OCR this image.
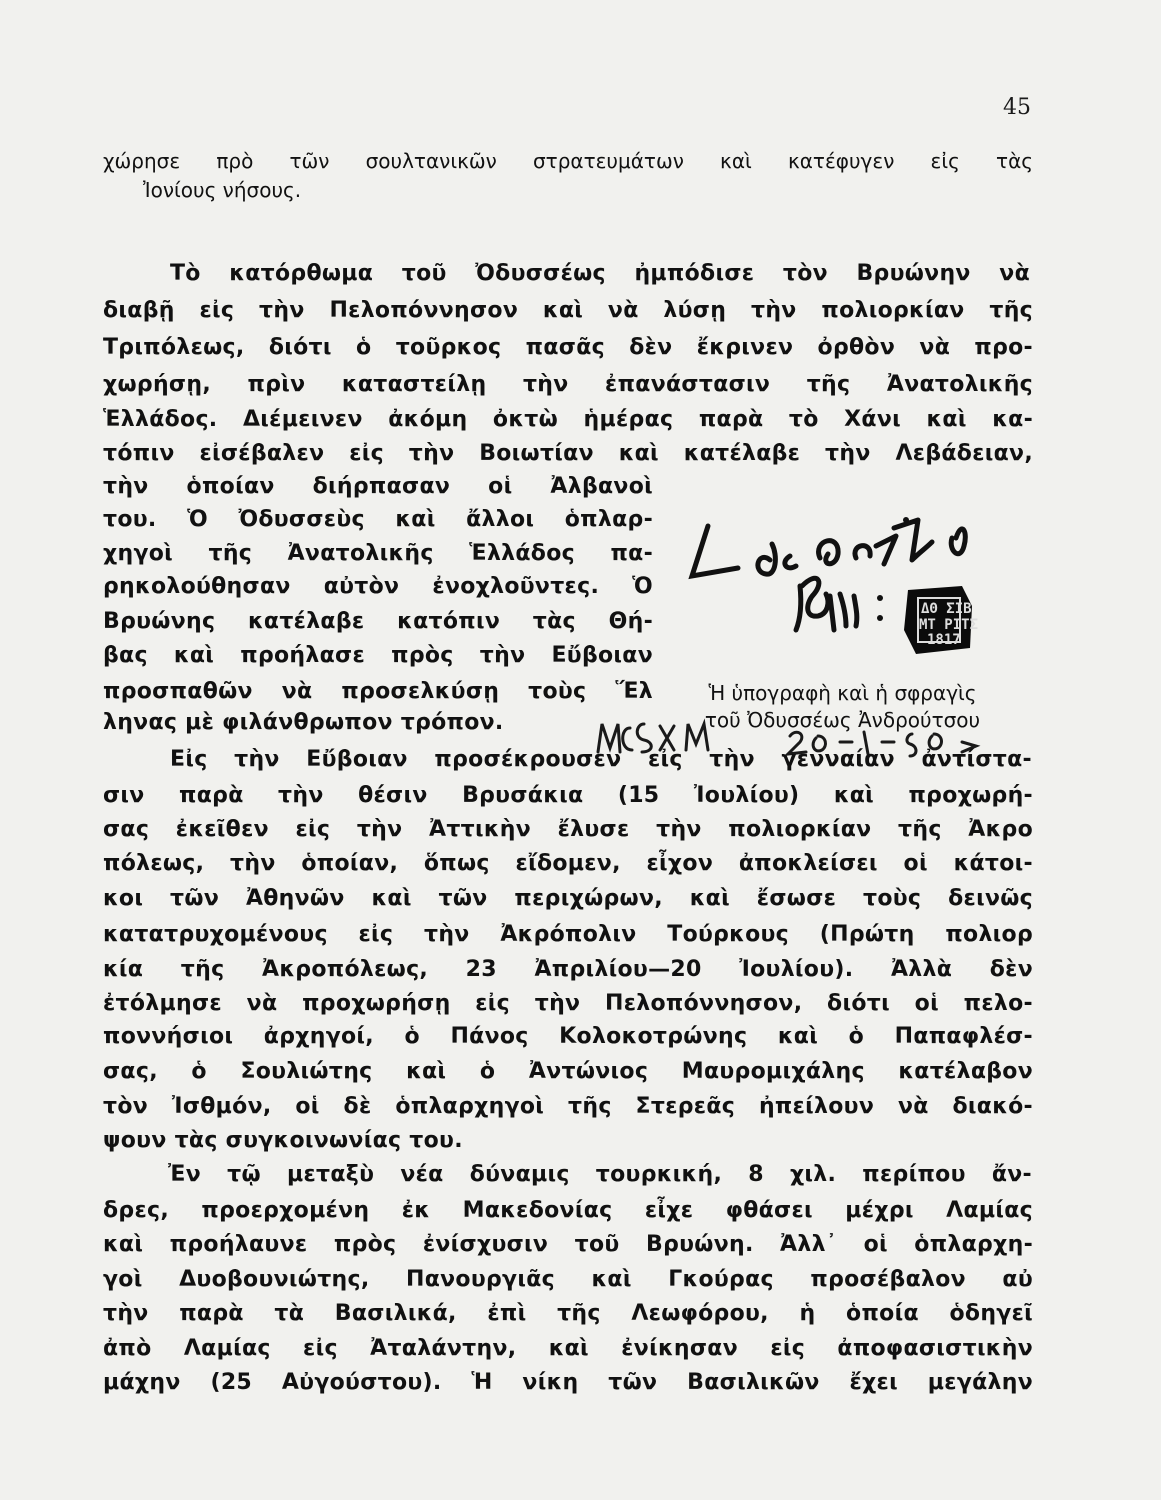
45
χώρησε πρὸ τῶν σουλτανικῶν στρατευμάτων καὶ κατέφυγεν εἰς τὰς
Ἰονίους νήσους.
Τὸ κατόρθωμα τοῦ Ὀδυσσέως ἠμπόδισε τὸν Βρυώνην νὰ
διαβῇ εἰς τὴν Πελοπόννησον καὶ νὰ λύσῃ τὴν πολιορκίαν τῆς
Τριπόλεως, διότι ὁ τοῦρκος πασᾶς δὲν ἔκρινεν ὀρθὸν νὰ προ-
χωρήσῃ, πρὶν καταστείλῃ τὴν ἐπανάστασιν τῆς Ἀνατολικῆς
Ἑλλάδος. Διέμεινεν ἀκόμη ὀκτὼ ἡμέρας παρὰ τὸ Χάνι καὶ κα-
τόπιν εἰσέβαλεν εἰς τὴν Βοιωτίαν καὶ κατέλαβε τὴν Λεβάδειαν,
τὴν ὁποίαν διήρπασαν οἱ Ἀλβανοὶ
του. Ὁ Ὀδυσσεὺς καὶ ἄλλοι ὁπλαρ-
χηγοὶ τῆς Ἀνατολικῆς Ἑλλάδος πα-
ρηκολούθησαν αὐτὸν ἐνοχλοῦντες. Ὁ
Βρυώνης κατέλαβε κατόπιν τὰς Θή-
βας καὶ προήλασε πρὸς τὴν Εὔβοιαν
προσπαθῶν νὰ προσελκύσῃ τοὺς Ἕλ
ληνας μὲ φιλάνθρωπον τρόπον.
ΔΘ ΣΙΒ
ΜΤ ΡΙΤΣ
1817
Ἡ ὑπογραφὴ καὶ ἡ σφραγὶς
τοῦ Ὀδυσσέως Ἀνδρούτσου
ΜΣΧΜ 20-1-50
Εἰς τὴν Εὔβοιαν προσέκρουσεν εἰς τὴν γενναίαν ἀντίστα-
σιν παρὰ τὴν θέσιν Βρυσάκια (15 Ἰουλίου) καὶ προχωρή-
σας ἐκεῖθεν εἰς τὴν Ἀττικὴν ἔλυσε τὴν πολιορκίαν τῆς Ἀκρο
πόλεως, τὴν ὁποίαν, ὅπως εἴδομεν, εἶχον ἀποκλείσει οἱ κάτοι-
κοι τῶν Ἀθηνῶν καὶ τῶν περιχώρων, καὶ ἔσωσε τοὺς δεινῶς
κατατρυχομένους εἰς τὴν Ἀκρόπολιν Τούρκους (Πρώτη πολιορ
κία τῆς Ἀκροπόλεως, 23 Ἀπριλίου—20 Ἰουλίου). Ἀλλὰ δὲν
ἐτόλμησε νὰ προχωρήσῃ εἰς τὴν Πελοπόννησον, διότι οἱ πελο-
ποννήσιοι ἀρχηγοί, ὁ Πάνος Κολοκοτρώνης καὶ ὁ Παπαφλέσ-
σας, ὁ Σουλιώτης καὶ ὁ Ἀντώνιος Μαυρομιχάλης κατέλαβον
τὸν Ἰσθμόν, οἱ δὲ ὁπλαρχηγοὶ τῆς Στερεᾶς ἠπείλουν νὰ διακό-
ψουν τὰς συγκοινωνίας του.
Ἐν τῷ μεταξὺ νέα δύναμις τουρκική, 8 χιλ. περίπου ἄν-
δρες, προερχομένη ἐκ Μακεδονίας εἶχε φθάσει μέχρι Λαμίας
καὶ προήλαυνε πρὸς ἐνίσχυσιν τοῦ Βρυώνη. Ἀλλ᾽ οἱ ὁπλαρχη-
γοὶ Δυοβουνιώτης, Πανουργιᾶς καὶ Γκούρας προσέβαλον αὐ
τὴν παρὰ τὰ Βασιλικά, ἐπὶ τῆς Λεωφόρου, ἡ ὁποία ὁδηγεῖ
ἀπὸ Λαμίας εἰς Ἀταλάντην, καὶ ἐνίκησαν εἰς ἀποφασιστικὴν
μάχην (25 Αὐγούστου). Ἡ νίκη τῶν Βασιλικῶν ἔχει μεγάλην
